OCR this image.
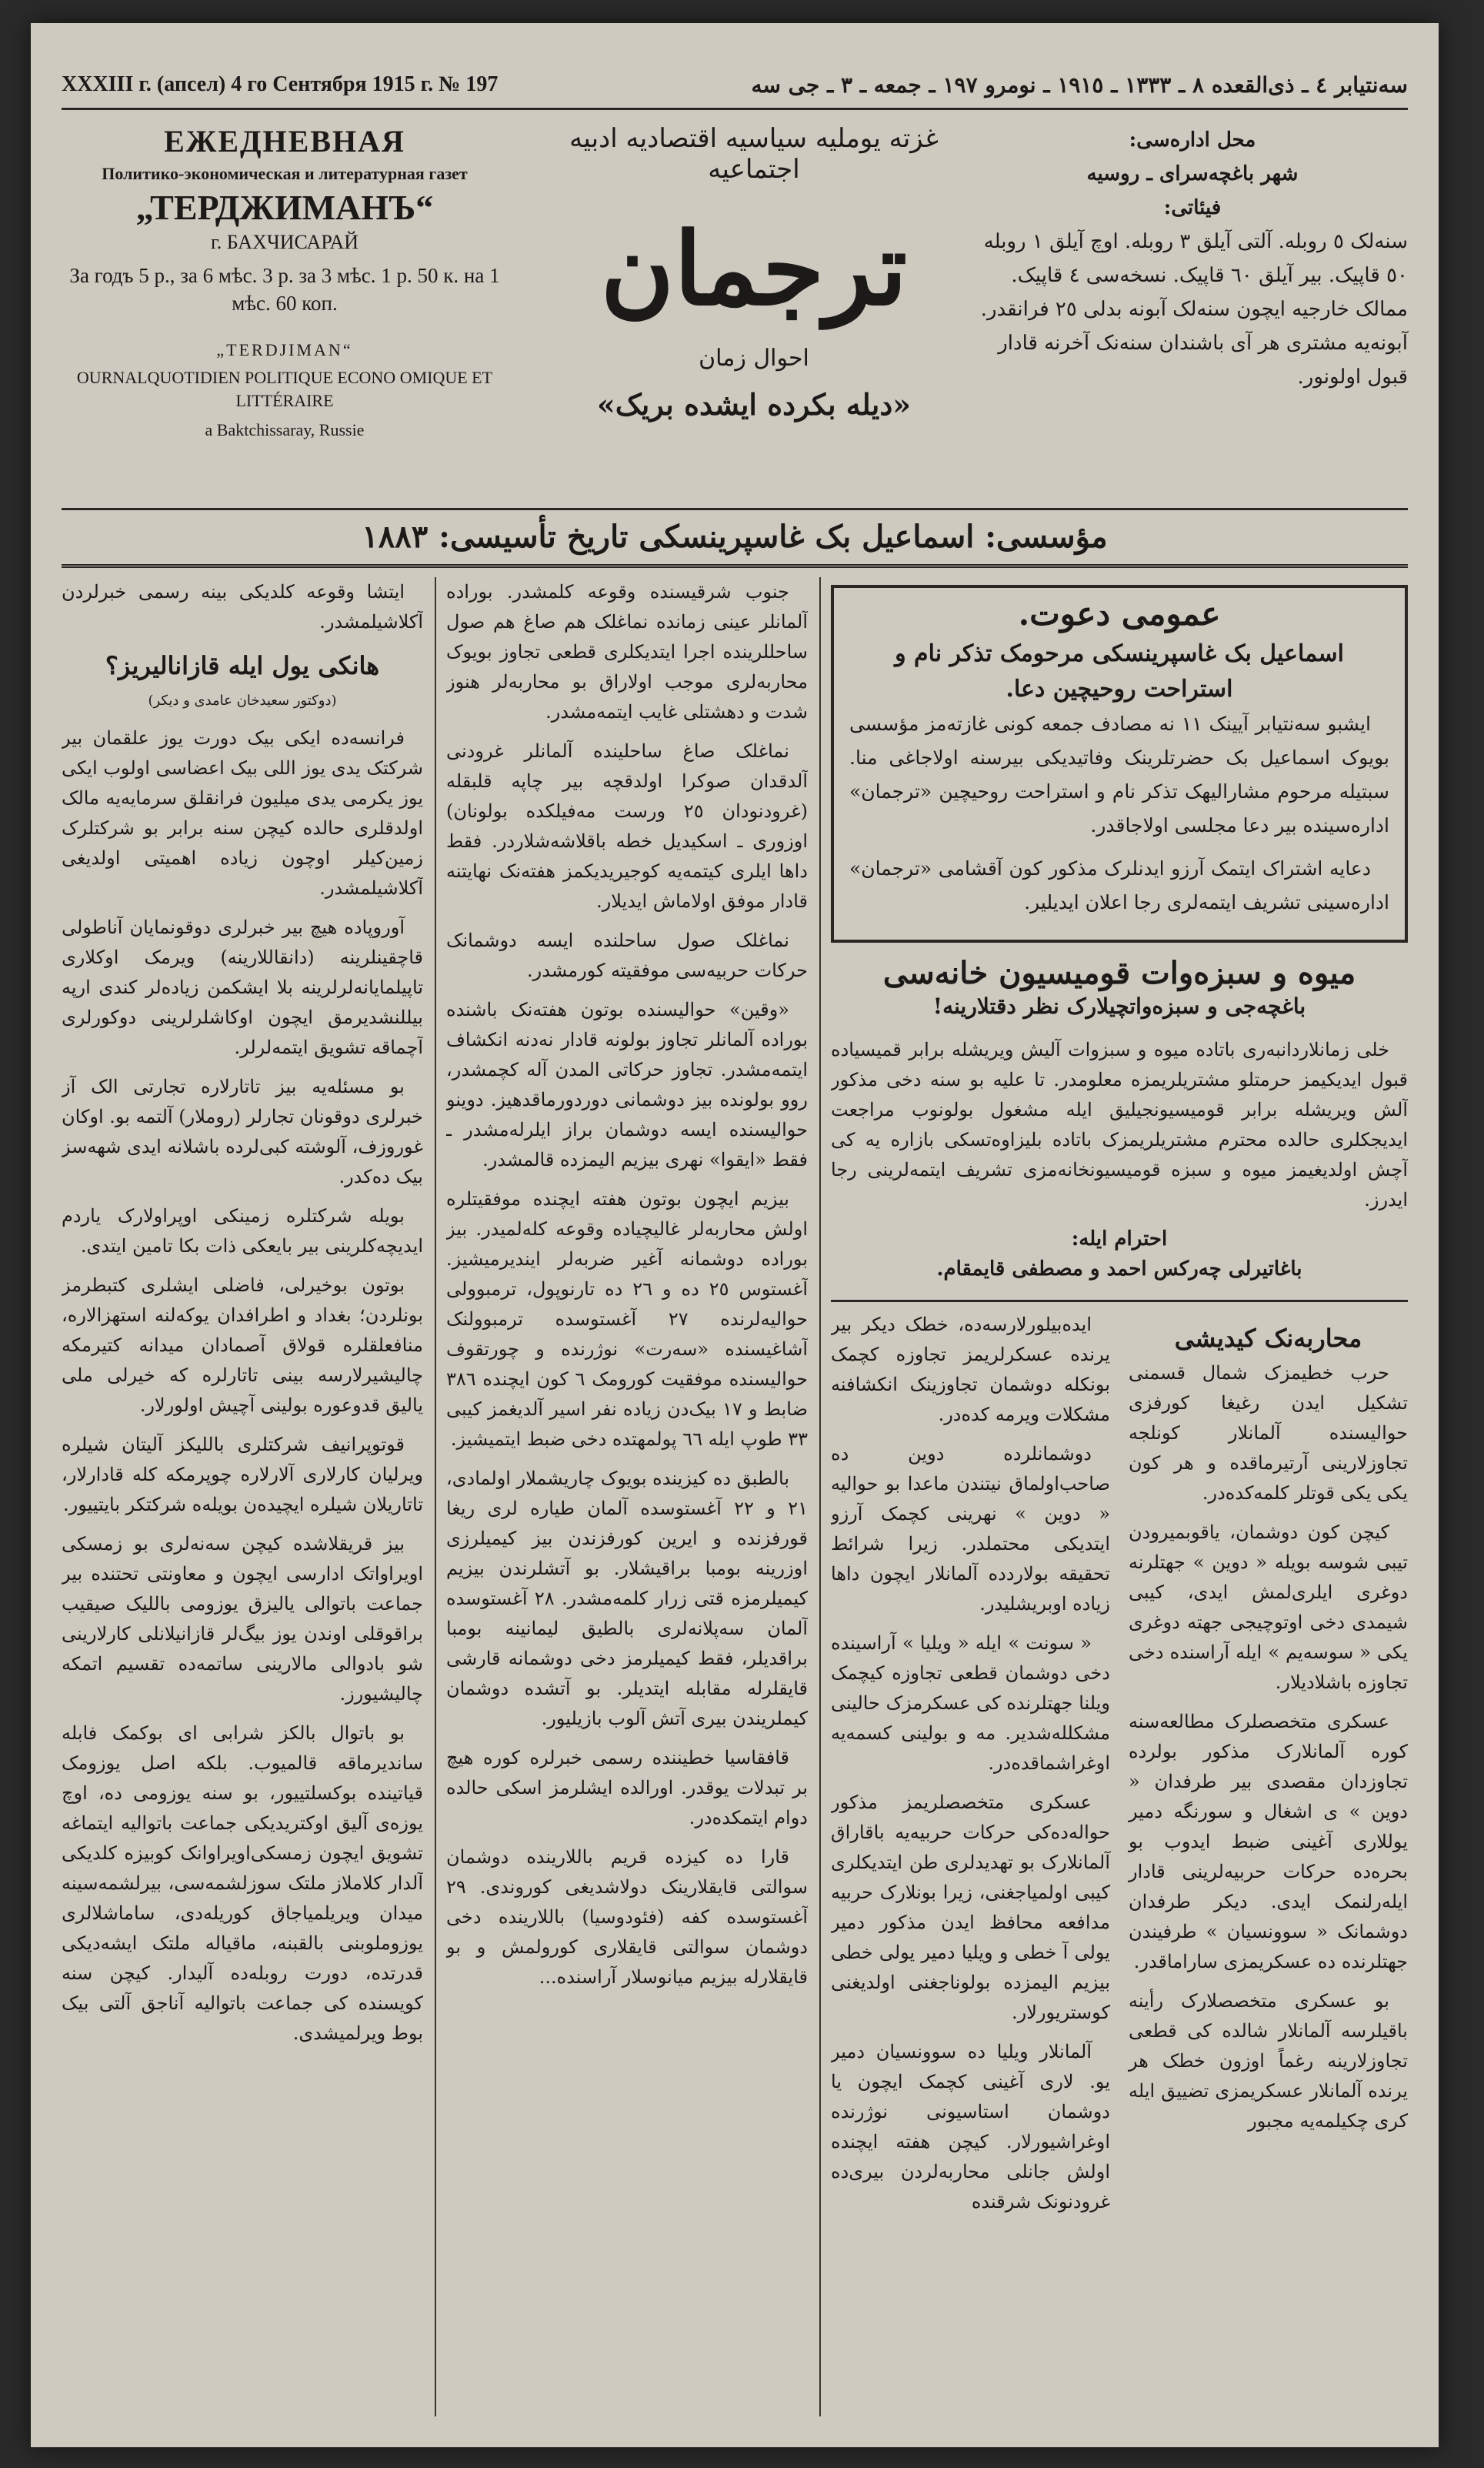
XXXIII г. (апсел) 4 го Сентября 1915 г. № 197	سه‌نتیابر ٤ ـ ذی‌القعده ٨ ـ ١٣٣٣ ـ ١٩١٥ ـ نومرو ١٩٧ ـ جمعه ـ ٣ ـ جی سه
ЕЖЕДНЕВНАЯ
Политико-экономическая и литературная газет
„ТЕРДЖИМАНЪ“
г. БАХЧИСАРАЙ
За годъ 5 р., за 6 мѣс. 3 р. за 3 мѣс. 1 р. 50 к. на 1 мѣс. 60 коп.
„TERDJIMAN“
OURNALQUOTIDIEN POLITIQUE ECONO OMIQUE ET LITTÉRAIRE
a Baktchissaray, Russie
غزته یوملیه سیاسیه اقتصادیه ادبیه اجتماعیه
ترجمان
احوال زمان
«دیله بکرده ایشده بریک»
محل اداره‌سی:
شهر باغچه‌سرای ـ روسیه
فیئاتی:
سنه‌لک ٥ روبله. آلتی آیلق ٣ روبله. اوچ آیلق ١ روبله ٥٠ قاپیک. بیر آیلق ٦٠ قاپیک. نسخه‌سی ٤ قاپیک.
ممالک خارجیه ایچون سنه‌لک آبونه بدلی ٢٥ فرانقدر. آبونه‌یه مشتری هر آی باشندان سنه‌نک آخرنه قادار قبول اولونور.
مؤسسی: اسماعیل بک غاسپرینسکی تاریخ تأسیسی: ١٨٨٣
عمومی دعوت.
اسماعیل بک غاسپرینسکی مرحومک تذکر نام و استراحت روحیچین دعا.

ایشبو سه‌نتیابر آیینک ١١ نه مصادف جمعه کونی غازته‌مز مؤسسی بویوک اسماعیل بک حضرتلرینک وفاتیدیکی بیرسنه اولاجاغی منا. سبتیله مرحوم مشارالیهک تذکر نام و استراحت روحیچین «ترجمان» اداره‌سینده بیر دعا مجلسی اولاجاقدر.

دعایه اشتراک ایتمک آرزو ایدنلرک مذکور کون آقشامی «ترجمان» اداره‌سینی تشریف ایتمه‌لری رجا اعلان ایدیلیر.

میوه و سبزه‌وات قومیسیون خانه‌سی
باغچه‌جی و سبزه‌واتچیلارک نظر دقتلارینه!

خلی زمانلاردانبه‌ری باتاده میوه و سبزوات آلیش ویریشله برابر قمیسیاده قبول ایدیکیمز حرمتلو مشتریلریمزه معلومدر. تا علیه بو سنه دخی مذکور آلش ویریشله برابر قومیسیونجیلیق ایله مشغول بولونوب مراجعت ایدیجکلری حالده محترم مشتریلریمزک باتاده بلیزاوه‌تسکی بازاره یه کی آچش اولدیغیمز میوه و سبزه قومیسیونخانه‌مزی تشریف ایتمه‌لرینی رجا ایدرز.

احترام ایله:
باغاتیرلی چه‌رکس احمد و مصطفی قایمقام.
محاربه‌نک کیدیشی

حرب خطیمزک شمال قسمنی تشکیل ایدن رغیغا کورفزی حوالیسنده آلمانلار کونلجه تجاوزلارینی آرتیرماقده و هر کون یکی یکی قوتلر کلمه‌کده‌در.

کیچن کون دوشمان، یاقوبمیرودن تیبی شوسه بویله « دوین » جهتلرنه دوغری ایلری‌لمش ایدی، کیبی شیمدی دخی اوتوچیجی جهته دوغری یکی « سوسه‌یم » ایله آراسنده دخی تجاوزه باشلادیلار.

عسکری متخصصلرک مطالعه‌سنه کوره آلمانلارک مذکور بولرده‌ تجاوزدان مقصدی بیر طرفدان « دوین » ی اشغال و سورنگه دمیر یوللاری آغینی ضبط ایدوب بو بحره‌ده حرکات حربیه‌لرینی قادار ایله‌رلنمک ایدی. دیکر طرفدان دوشمانک « سوونسیان » طرفیندن جهتلرنده ده عسکریمزی ساراماقدر.

بو عسکری متخصصلارک رأینه باقیلرسه آلمانلار شالده کی قطعی تجاوزلارینه رغماً اوزون خطک هر یرنده آلمانلار عسکریمزی تضییق ایله کری چکیلمه‌یه مجبور

ایده‌بیلورلارسه‌ده، خطک دیکر بیر یرنده عسکرلریمز تجاوزه کچمک بونکله دوشمان تجاوزینک انکشافنه مشکلات ویرمه کده‌در.

دوشمانلر‌ده دوین ده صاحب‌اولماق نیتندن ماعدا بو حوالیه « دوین » نهرینی کچمک آرزو ایتدیکی محتملدر. زیرا شرائط تحقیقه بولاردده آلمانلار ایچون داها زیاده اوبریشلیدر.

« سونت » ایله « ویلیا » آراسینده دخی دوشمان قطعی تجاوزه کیچمک ویلنا جهتلرنده کی عسکرمزک حالینی مشکلله‌شدیر. مه و بولینی کسمه‌یه اوغراشماقده‌در.

عسکری متخصصلریمز مذکور حواله‌ده‌کی حرکات حربیه‌یه باقاراق آلمانلارک بو تهدیدلری طن ایتدیکلری کیبی اولمیاجغنی، زیرا بونلارک حربیه مدافعه محافظ ایدن مذکور دمیر یولی آ خطی و ویلیا دمیر یولی خطی بیزیم الیمزده بولوناجغنی اولدیغنی کوستریورلار.

آلمانلار ویلیا ده سوونسیان دمیر یو. لاری آغینی کچمک ایچون یا دوشمان استاسیونی نوژرنده اوغراشیورلار. کیچن هفته ایچنده اولش جانلی محاربه‌لردن بیری‌ده غرودنونک شرقنده

جنوب شرقیسنده وقوعه کلمشدر. بوراده آلمانلر عینی زمانده نماغلک هم صاغ هم صول ساحللرینده اجرا ایتدیکلری قطعی تجاوز بویوک محاربه‌لری موجب اولاراق بو محاربه‌لر هنوز شدت و دهشتلی غایب ایتمه‌مشدر.

نماغلک صاغ ساحلینده آلمانلر غرودنی آلدقدان صوکرا اولدقچه بیر چاپه قلبقله (غرودنودان ٢٥ ورست مه‌فیلکده بولونان) اوزوری ـ اسکیدیل خطه باقلاشه‌شلاردر. فقط داها ایلری کیتمه‌یه کوجیریدیکمز هفته‌نک نهایتنه قادار موفق اولاماش ایدیلار.

نماغلک صول ساحلنده ایسه دوشمانک حرکات حربیه‌سی موفقیته کورمشدر.

«وقین» حوالیسنده بوتون هفته‌نک باشنده بوراده آلمانلر تجاوز بولونه قادار نه‌دنه انکشاف ایتمه‌مشدر. تجاوز حرکاتی المدن آله کچمشدر، روو بولونده بیز دوشمانی دوردورماقدهیز. دوینو حوالیسنده ایسه دوشمان براز ایلرله‌مشدر ـ فقط «ایقوا» نهری بیزیم الیمزده قالمشدر.

بیزیم ایچون بوتون هفته ایچنده موفقیتلره اولش محاربه‌لر غالیچیاده وقوعه کله‌لمیدر. بیز بوراده دوشمانه آغیر ضربه‌لر ایندیرمیشیز. آغستوس ٢٥ ده و ٢٦ ده تارنوپول، ترمبوولی حوالیه‌لرنده ٢٧ آغستوسده ترمبوولنک آشاغیسنده «سه‌رت» نوژرنده و چورتقوف حوالیسنده موفقیت کورومک ٦ کون ایچنده ٣٨٦ ضابط و ١٧ بیک‌دن زیاده نفر اسیر آلدیغمز کیبی ٣٣ طوپ ایله ٦٦ پولمهتده دخی ضبط ایتمیشیز.

بالطبق ده کیزینده بویوک چاریشملار اولمادی، ٢١ و ٢٢ آغستوسده آلمان طیاره لری ریغا قورفزنده و ایرین کورفزندن بیز کیمیلرزی اوزرینه بومبا براقیشلار. بو آتشلرندن بیزیم کیمیلرمزه قتی زرار کلمه‌مشدر. ٢٨ آغستوسده آلمان سه‌پلانه‌لری بالطیق لیمانینه بومبا براقدیلر، فقط کیمیلرمز دخی دوشمانه قارشی قایقلرله مقابله ایتدیلر. بو آتشده دوشمان کیملریندن بیری آتش آلوب بازیلیور.

قافقاسیا خطیننده رسمی خبرلره کوره هیچ بر تبدلات یوقدر. اورالده ایشلرمز اسکی حالده دوام ایتمکده‌در.

قارا ده کیزده قریم باللارینده دوشمان سوالتی قایقلارینک دولاشدیغی کوروندی. ٢٩ آغستوسده کفه (فئودوسیا) باللارینده دخی دوشمان سوالتی قایقلاری کورولمش و بو قایقلارله بیزیم میانوسلار آراسنده...

ایتشا وقوعه کلدیکی بینه رسمی خبرلردن آکلاشیلمشدر.

هانکی یول ایله قازانالیریز؟
(دوکتور سعیدخان عامدی و دیکر)

فرانسه‌ده ایکی بیک دورت یوز علقمان بیر شرکتک یدی یوز اللی بیک اعضاسی اولوب ایکی یوز یکرمی یدی میلیون فرانقلق سرمایه‌یه مالک اولدقلری حالده کیچن سنه برابر بو شرکتلرک زمین‌کیلر اوچون زیاده اهمیتی اولدیغی آکلاشیلمشدر.

آوروپاده هیچ بیر خبرلری دوقونمایان آناطولی قاچقینلرینه (دانقاللارینه) ویرمک اوکلاری تاپیلمایانه‌لرلرینه بلا ایشکمن زیاده‌لر کندی ارپه بیللنشدیرمق ایچون اوکاشلرلرینی دوکورلری آچماقه تشویق ایتمه‌لرلر.

بو مسئله‌یه بیز تاتارلاره تجارتی الک آز خبرلری دوقونان تجارلر (روملار) آلتمه بو. اوکان غوروزف، آلوشته کبی‌لرده باشلانه ایدی شهه‌سز بیک ده‌کدر.

بویله شرکتلره زمینکی اوپراولارک یاردم ایدیچه‌کلرینی بیر بایعکی ذات بکا تامین ایتدی.

بوتون بوخیرلی، فاضلی ایشلری کتبطرمز بونلردن؛ بغداد و اطرافدان یوکه‌لنه استهزالاره، منافعلقلره قولاق آصمادان میدانه کتیرمکه چالیشیرلارسه بینی تاتارلره که خیرلی ملی یالیق قدوعوره بولینی آچیش اولورلار.

قوتوپرانیف شرکتلری باللیکز آلیتان شیلره ویرلیان کارلاری آلارلاره چوپرمکه کله قادارلار، تاتاریلان شیلره ایچیده‌ن بویله‌ه شرکتکر بایتییور.

بیز قریقلاشده کیچن سه‌نه‌لری بو زمسکی اویراواتک ادارسی ایچون و معاونتی تحتنده بیر جماعت باتوالی یالیزق یوزومی باللیک صیقیب براقوقلی اوندن یوز بیگ‌لر قازانیلانلی کارلارینی شو بادوالی مالارینی ساتمه‌ده تقسیم اتمکه چالیشیورز.

بو باتوال بالکز شرابی ای بوکمک فابله ساندیرماقه قالمیوب. بلکه اصل یوزومک قیاتینده بوکسلتییور، بو سنه یوزومی ده، اوچ یوزه‌ی آلیق اوکتریدیکی جماعت باتوالیه ایتماغه تشویق ایچون زمسکی‌اویراوانک کوبیزه کلدیکی آلدار کلاملاز ملتک سوزلشمه‌سی، بیرلشمه‌سینه میدان ویریلمیاجاق کوریله‌دی، ساماشلالری یوزوملوبنی بالقبنه، ماقیاله ملتک ایشه‌دیکی قدرتده، دورت روبله‌ده آلیدار. کیچن سنه کویسنده کی جماعت باتوالیه آناجق آلتی بیک بوط ویرلمیشدی.
